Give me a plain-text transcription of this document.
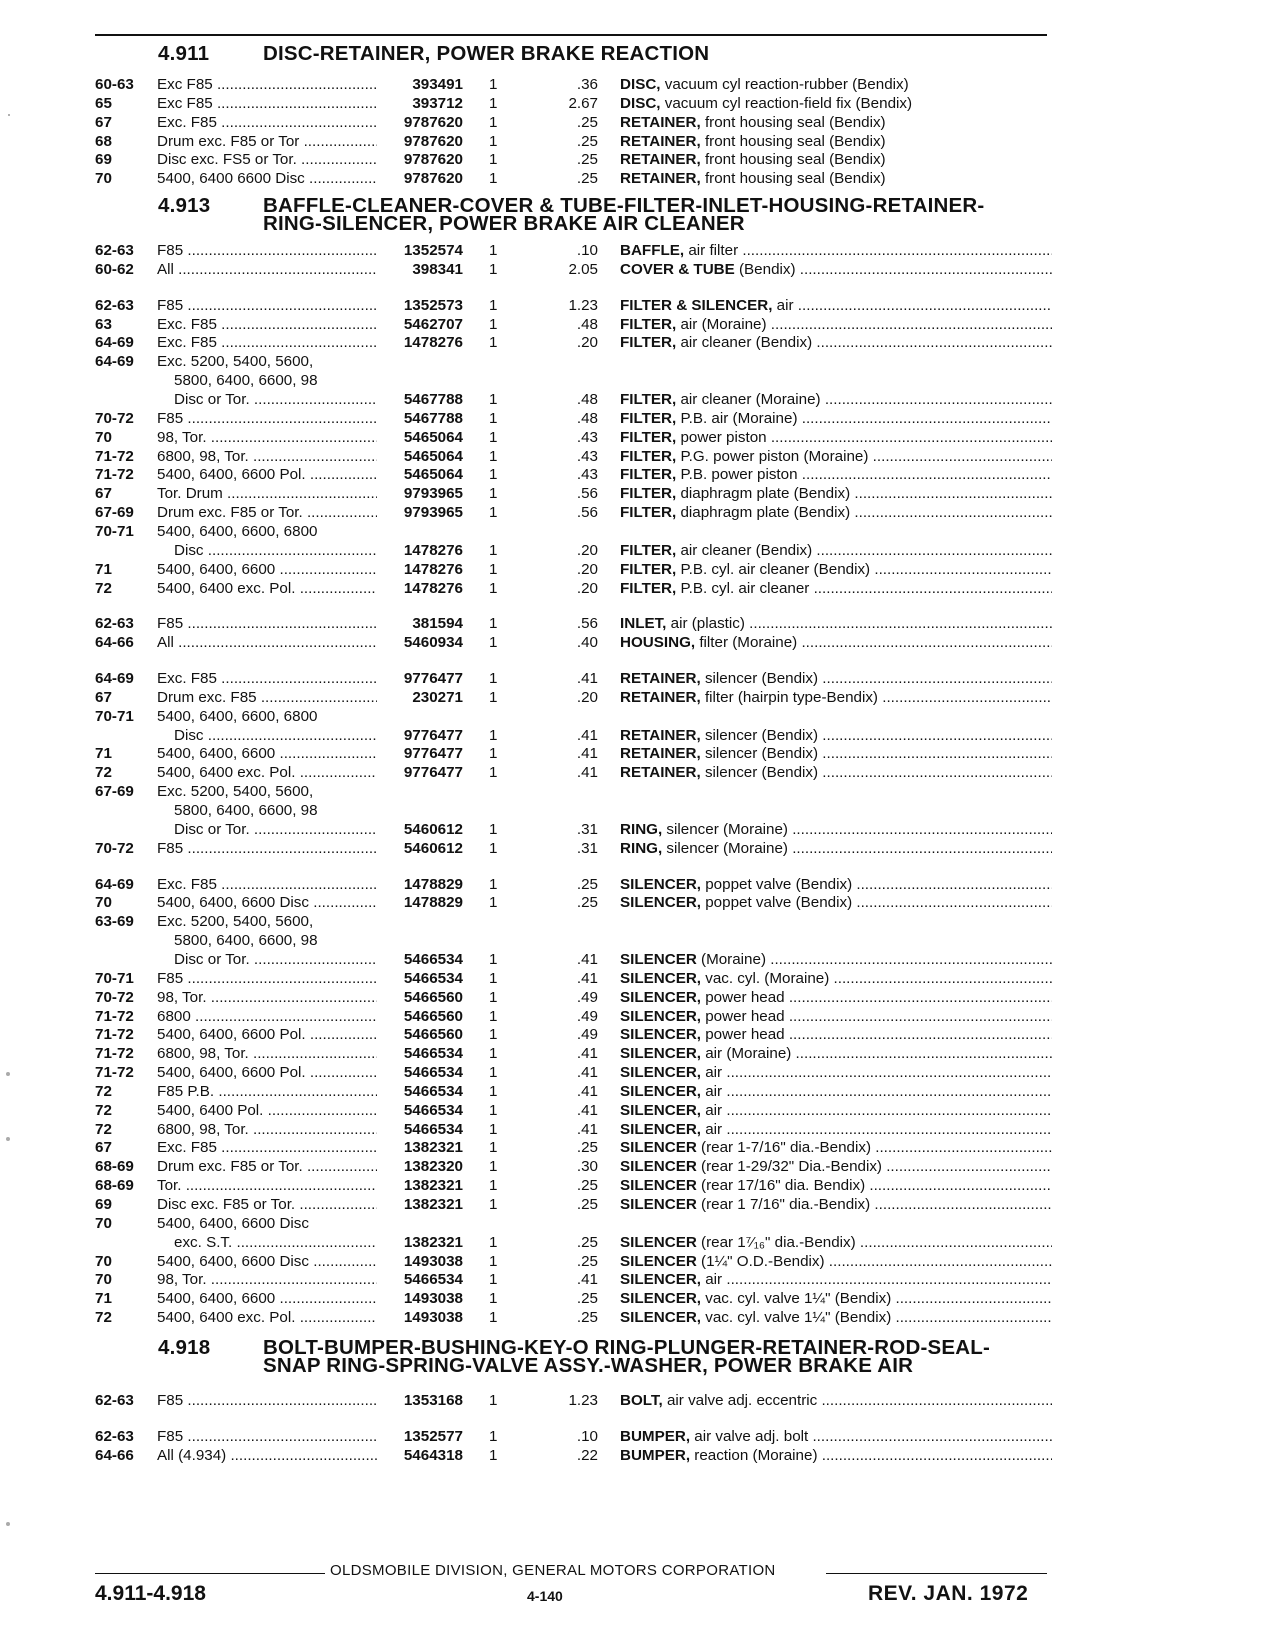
4.911	DISC-RETAINER, POWER BRAKE REACTION
60-63 Exc F85 .....	393491 1	.36 DISC, vacuum cyl reaction-rubber (Bendix)
65	Exc F85 .....	393712 1	2.67 DISC, vacuum cyl reaction-field fix (Bendix)
67	Exc. F85 .....	9787620 1	.25 RETAINER, front housing seal (Bendix)
68	Drum exc. F85 or Tor .....	9787620 1	.25 RETAINER, front housing seal (Bendix)
69	Disc exc. FS5 or Tor. .....	9787620 1	.25 RETAINER, front housing seal (Bendix)
70	5400, 6400 6600 Disc .....	9787620 1	.25 RETAINER, front housing seal (Bendix)
4.913	BAFFLE-CLEANER-COVER & TUBE-FILTER-INLET-HOUSING-RETAINER-
RING-SILENCER, POWER BRAKE AIR CLEANER
62-63 F85 .....	1352574 1	.10 BAFFLE, air filter .....
60-62 All .....	398341 1	2.05 COVER & TUBE (Bendix) .....
62-63 F85 .....	1352573 1	1.23 FILTER & SILENCER, air .....
63	Exc. F85 .....	5462707 1	.48 FILTER, air (Moraine) .....
64-69 Exc. F85 .....	1478276 1	.20 FILTER, air cleaner (Bendix) .....
64-69 Exc. 5200, 5400, 5600,
5800, 6400, 6600, 98
Disc or Tor. .....	5467788 1	.48 FILTER, air cleaner (Moraine) .....
70-72 F85 .....	5467788 1	.48 FILTER, P.B. air (Moraine) .....
70	98, Tor. .....	5465064 1	.43 FILTER, power piston .....
71-72 6800, 98, Tor. .....	5465064 1	.43 FILTER, P.G. power piston (Moraine) .....
71-72 5400, 6400, 6600 Pol. .....	5465064 1	.43 FILTER, P.B. power piston .....
67	Tor. Drum .....	9793965 1	.56 FILTER, diaphragm plate (Bendix) .....
67-69 Drum exc. F85 or Tor. .....	9793965 1	.56 FILTER, diaphragm plate (Bendix) .....
70-71 5400, 6400, 6600, 6800
Disc .....	1478276 1	.20 FILTER, air cleaner (Bendix) .....
71	5400, 6400, 6600 .....	1478276 1	.20 FILTER, P.B. cyl. air cleaner (Bendix) .....
72	5400, 6400 exc. Pol. .....	1478276 1	.20 FILTER, P.B. cyl. air cleaner .....
62-63 F85 .....	381594 1	.56 INLET, air (plastic) .....
64-66 All .....	5460934 1	.40 HOUSING, filter (Moraine) .....
64-69 Exc. F85 .....	9776477 1	.41 RETAINER, silencer (Bendix) .....
67	Drum exc. F85 .....	230271 1	.20 RETAINER, filter (hairpin type-Bendix) .....
70-71 5400, 6400, 6600, 6800
Disc .....	9776477 1	.41 RETAINER, silencer (Bendix) .....
71	5400, 6400, 6600 .....	9776477 1	.41 RETAINER, silencer (Bendix) .....
72	5400, 6400 exc. Pol. .....	9776477 1	.41 RETAINER, silencer (Bendix) .....
67-69 Exc. 5200, 5400, 5600,
5800, 6400, 6600, 98
Disc or Tor. .....	5460612 1	.31 RING, silencer (Moraine) .....
70-72 F85 .....	5460612 1	.31 RING, silencer (Moraine) .....
64-69 Exc. F85 .....	1478829 1	.25 SILENCER, poppet valve (Bendix) .....
70	5400, 6400, 6600 Disc .....	1478829 1	.25 SILENCER, poppet valve (Bendix) .....
63-69 Exc. 5200, 5400, 5600,
5800, 6400, 6600, 98
Disc or Tor. .....	5466534 1	.41 SILENCER (Moraine) .....
70-71 F85 .....	5466534 1	.41 SILENCER, vac. cyl. (Moraine) .....
70-72 98, Tor. .....	5466560 1	.49 SILENCER, power head .....
71-72 6800 .....	5466560 1	.49 SILENCER, power head .....
71-72 5400, 6400, 6600 Pol. .....	5466560 1	.49 SILENCER, power head .....
71-72 6800, 98, Tor. .....	5466534 1	.41 SILENCER, air (Moraine) .....
71-72 5400, 6400, 6600 Pol. .....	5466534 1	.41 SILENCER, air .....
72	F85 P.B. .....	5466534 1	.41 SILENCER, air .....
72	5400, 6400 Pol. .....	5466534 1	.41 SILENCER, air .....
72	6800, 98, Tor. .....	5466534 1	.41 SILENCER, air .....
67	Exc. F85 .....	1382321 1	.25 SILENCER (rear 1-7/16" dia.-Bendix) .....
68-69 Drum exc. F85 or Tor. .....	1382320 1	.30 SILENCER (rear 1-29/32" Dia.-Bendix) .....
68-69 Tor. .....	1382321 1	.25 SILENCER (rear 17/16" dia. Bendix) .....
69	Disc exc. F85 or Tor. .....	1382321 1	.25 SILENCER (rear 1 7/16" dia.-Bendix) .....
70	5400, 6400, 6600 Disc
exc. S.T. .....	1382321 1	.25 SILENCER (rear 1⁷⁄₁₆" dia.-Bendix) .....
70	5400, 6400, 6600 Disc .....	1493038 1	.25 SILENCER (1¼" O.D.-Bendix) .....
70	98, Tor. .....	5466534 1	.41 SILENCER, air .....
71	5400, 6400, 6600 .....	1493038 1	.25 SILENCER, vac. cyl. valve 1¼" (Bendix) .....
72	5400, 6400 exc. Pol. .....	1493038 1	.25 SILENCER, vac. cyl. valve 1¼" (Bendix) .....
4.918	BOLT-BUMPER-BUSHING-KEY-O RING-PLUNGER-RETAINER-ROD-SEAL-
SNAP RING-SPRING-VALVE ASSY.-WASHER, POWER BRAKE AIR
62-63 F85 .....	1353168 1	1.23 BOLT, air valve adj. eccentric .....
62-63 F85 .....	1352577 1	.10 BUMPER, air valve adj. bolt .....
64-66 All (4.934) .....	5464318 1	.22 BUMPER, reaction (Moraine) .....
OLDSMOBILE DIVISION, GENERAL MOTORS CORPORATION
4.911-4.918	4-140	REV. JAN. 1972
